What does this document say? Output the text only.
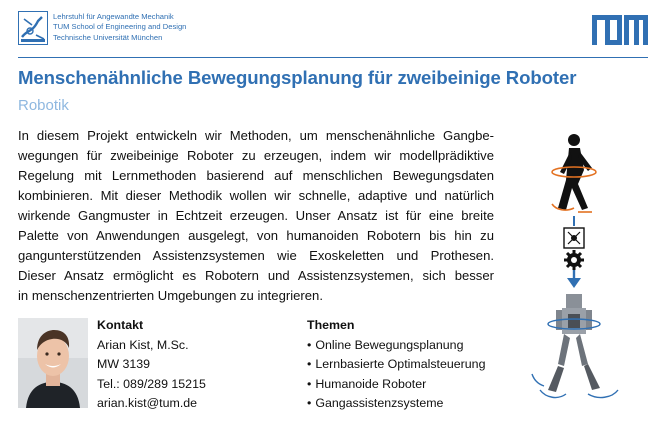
Lehrstuhl für Angewandte Mechanik
TUM School of Engineering and Design
Technische Universität München
Menschenähnliche Bewegungsplanung für zweibeinige Roboter
Robotik
In diesem Projekt entwickeln wir Methoden, um menschenähnliche Gangbe-
wegungen für zweibeinige Roboter zu erzeugen, indem wir modellprädiktive
Regelung mit Lernmethoden basierend auf menschlichen Bewegungsdaten
kombinieren. Mit dieser Methodik wollen wir schnelle, adaptive und natürlich
wirkende Gangmuster in Echtzeit erzeugen. Unser Ansatz ist für eine breite
Palette von Anwendungen ausgelegt, von humanoiden Robotern bis hin zu
gangunterstützenden Assistenzsystemen wie Exoskeletten und Prothesen.
Dieser Ansatz ermöglicht es Robotern und Assistenzsystemen, sich besser
in menschenzentrierten Umgebungen zu integrieren.
Kontakt
Arian Kist, M.Sc.
MW 3139
Tel.: 089/289 15215
arian.kist@tum.de
Themen
• Online Bewegungsplanung
• Lernbasierte Optimalsteuerung
• Humanoide Roboter
• Gangassistenzsysteme
